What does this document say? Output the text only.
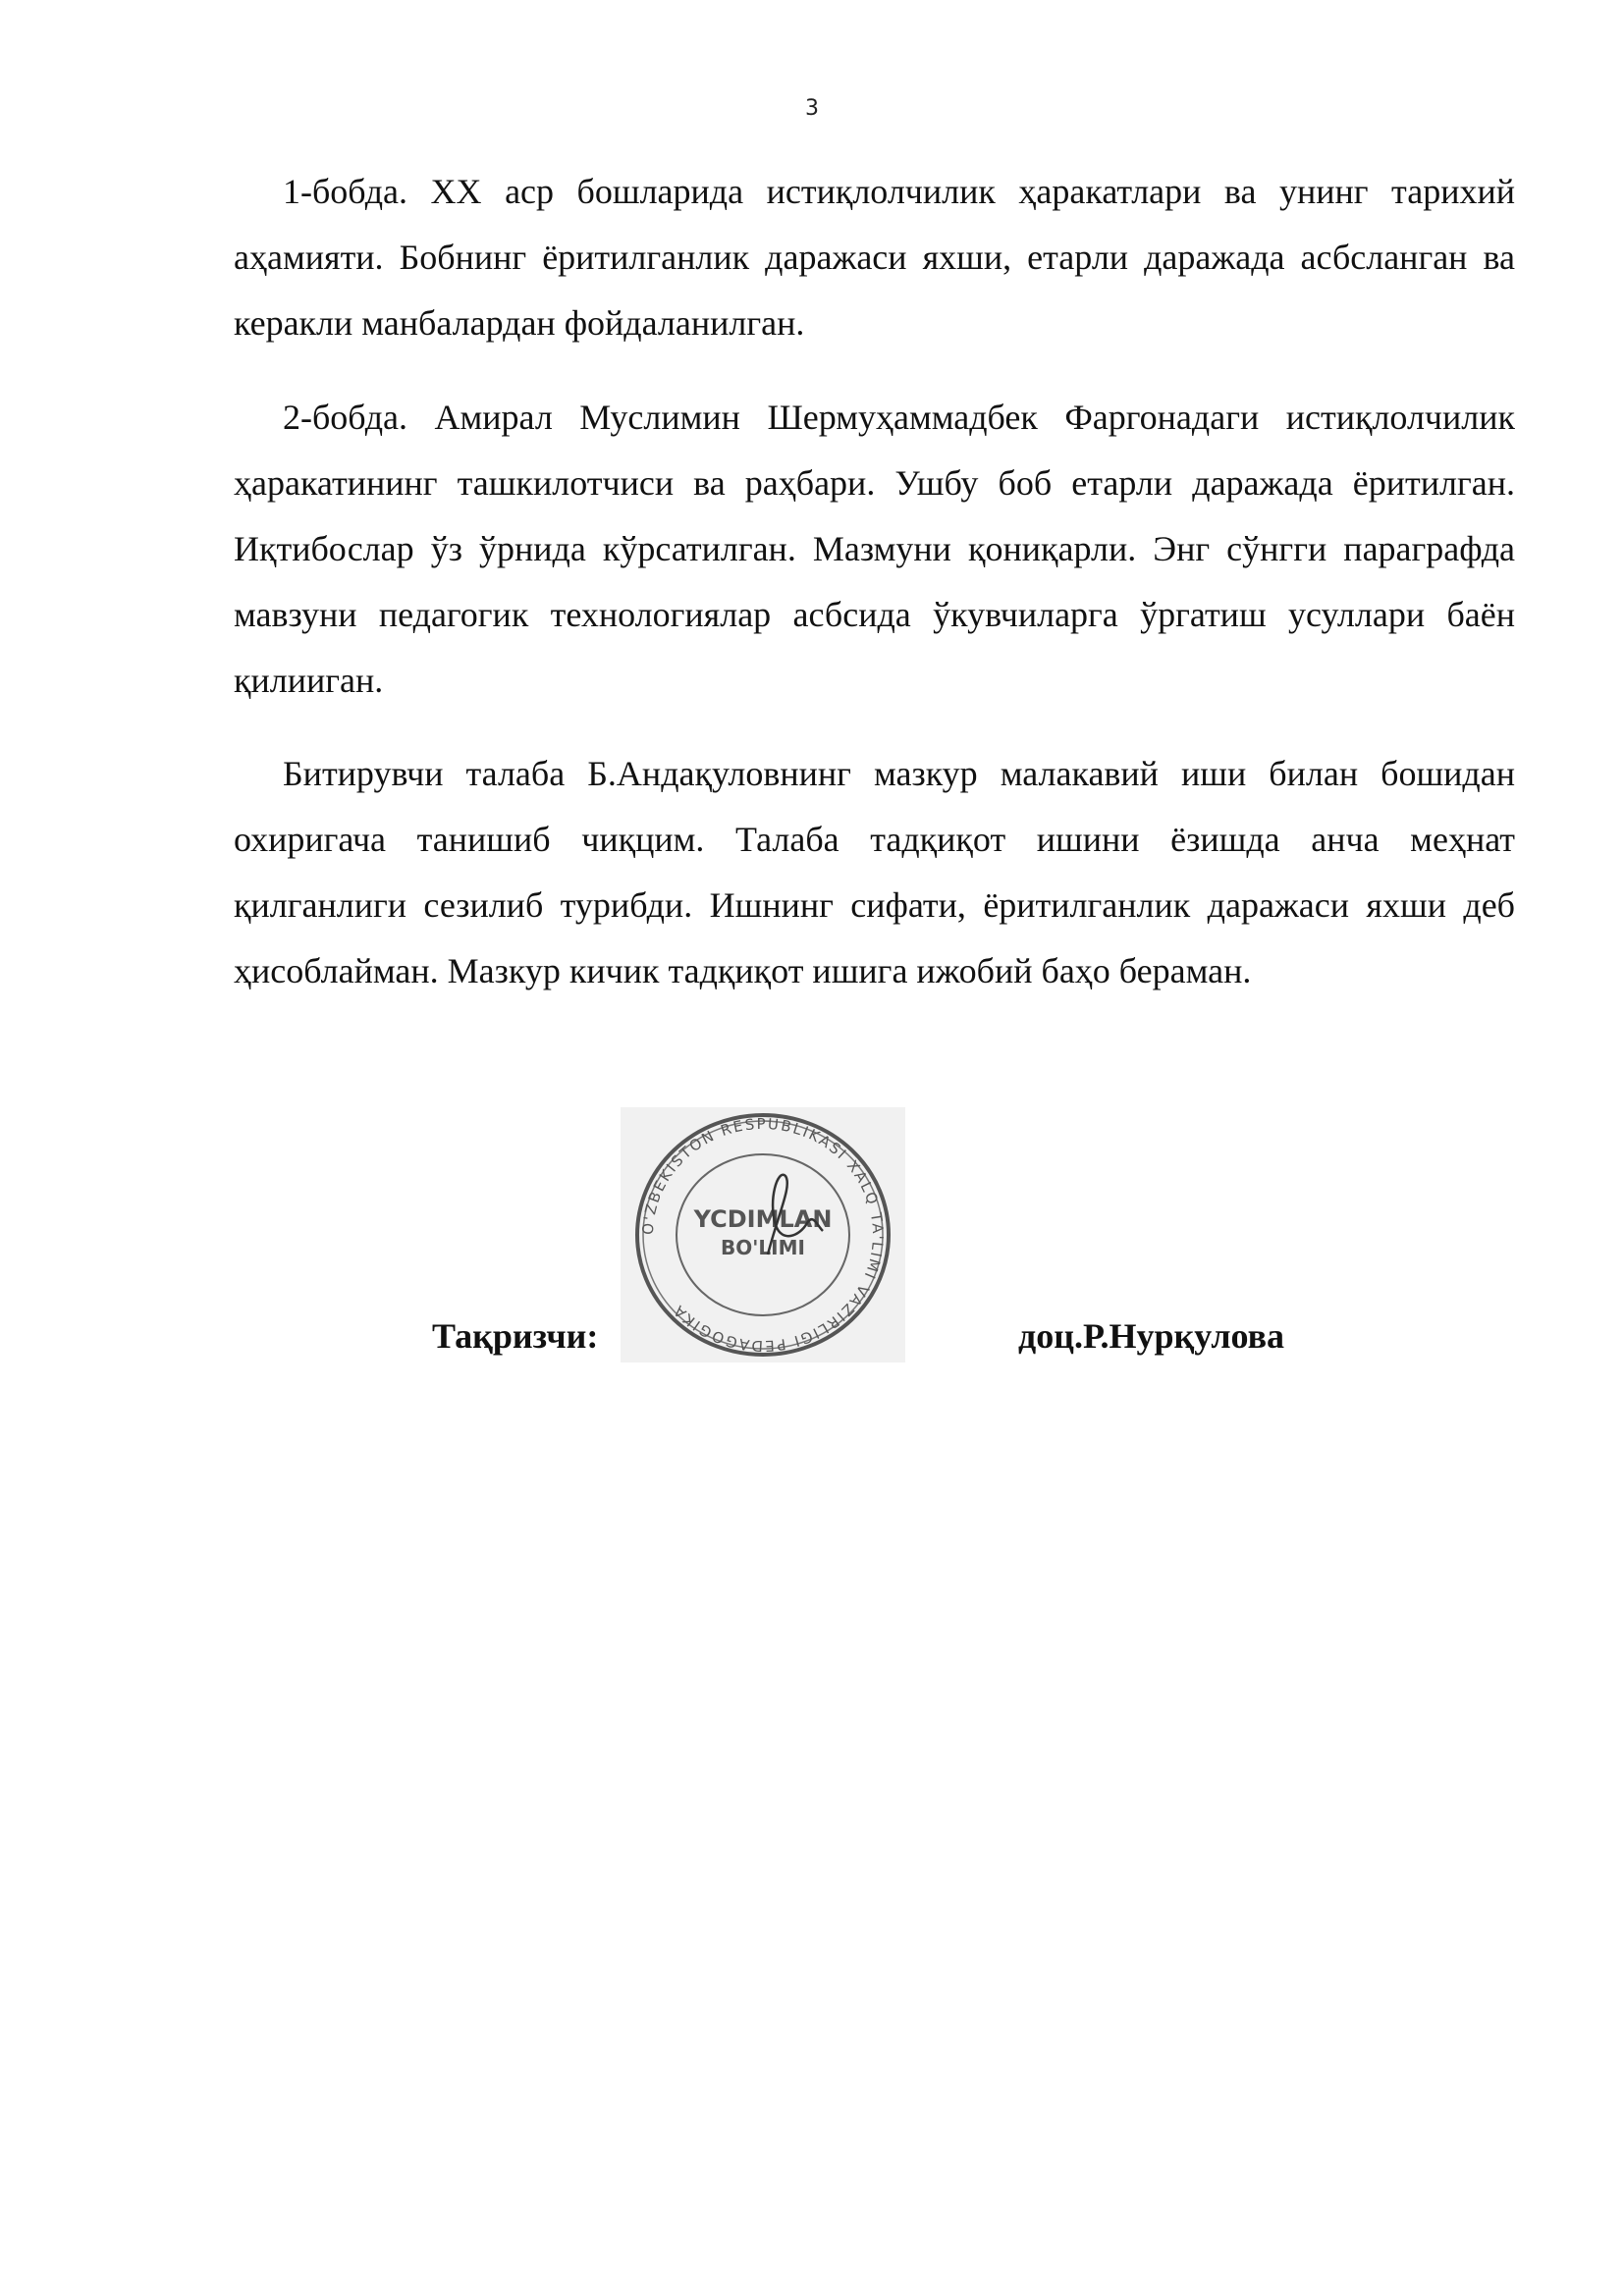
3

1-бобда. XX аср бошларида истиқлолчилик ҳаракатлари ва унинг тарихий аҳамияти. Бобнинг ёритилганлик даражаси яхши, етарли даражада асбсланган ва керакли манбалардан фойдаланилган.

2-бобда. Амирал Муслимин Шермуҳаммадбек Фаргонадаги истиқлолчилик ҳаракатининг ташкилотчиси ва раҳбари. Ушбу боб етарли даражада ёритилган. Иқтибослар ўз ўрнида кўрсатилган. Мазмуни қониқарли. Энг сўнгги параграфда мавзуни педагогик технологиялар асбсида ўкувчиларга ўргатиш усуллари баён қилииган.

Битирувчи талаба Б.Андақуловнинг мазкур малакавий иши билан бошидан охиригача танишиб чиқцим. Талаба тадқиқот ишини ёзишда анча меҳнат қилганлиги сезилиб турибди. Ишнинг сифати, ёритилганлик даражаси яхши деб ҳисоблайман. Мазкур кичик тадқиқот ишига ижобий баҳо бераман.

O'ZBEKISTON RESPUBLIKASI XALQ TA'LIMI VAZIRLIGI PEDAGOGIKA
YCDIMLAN
BO'LIMI
Тақризчи:	доц.Р.Нурқулова
